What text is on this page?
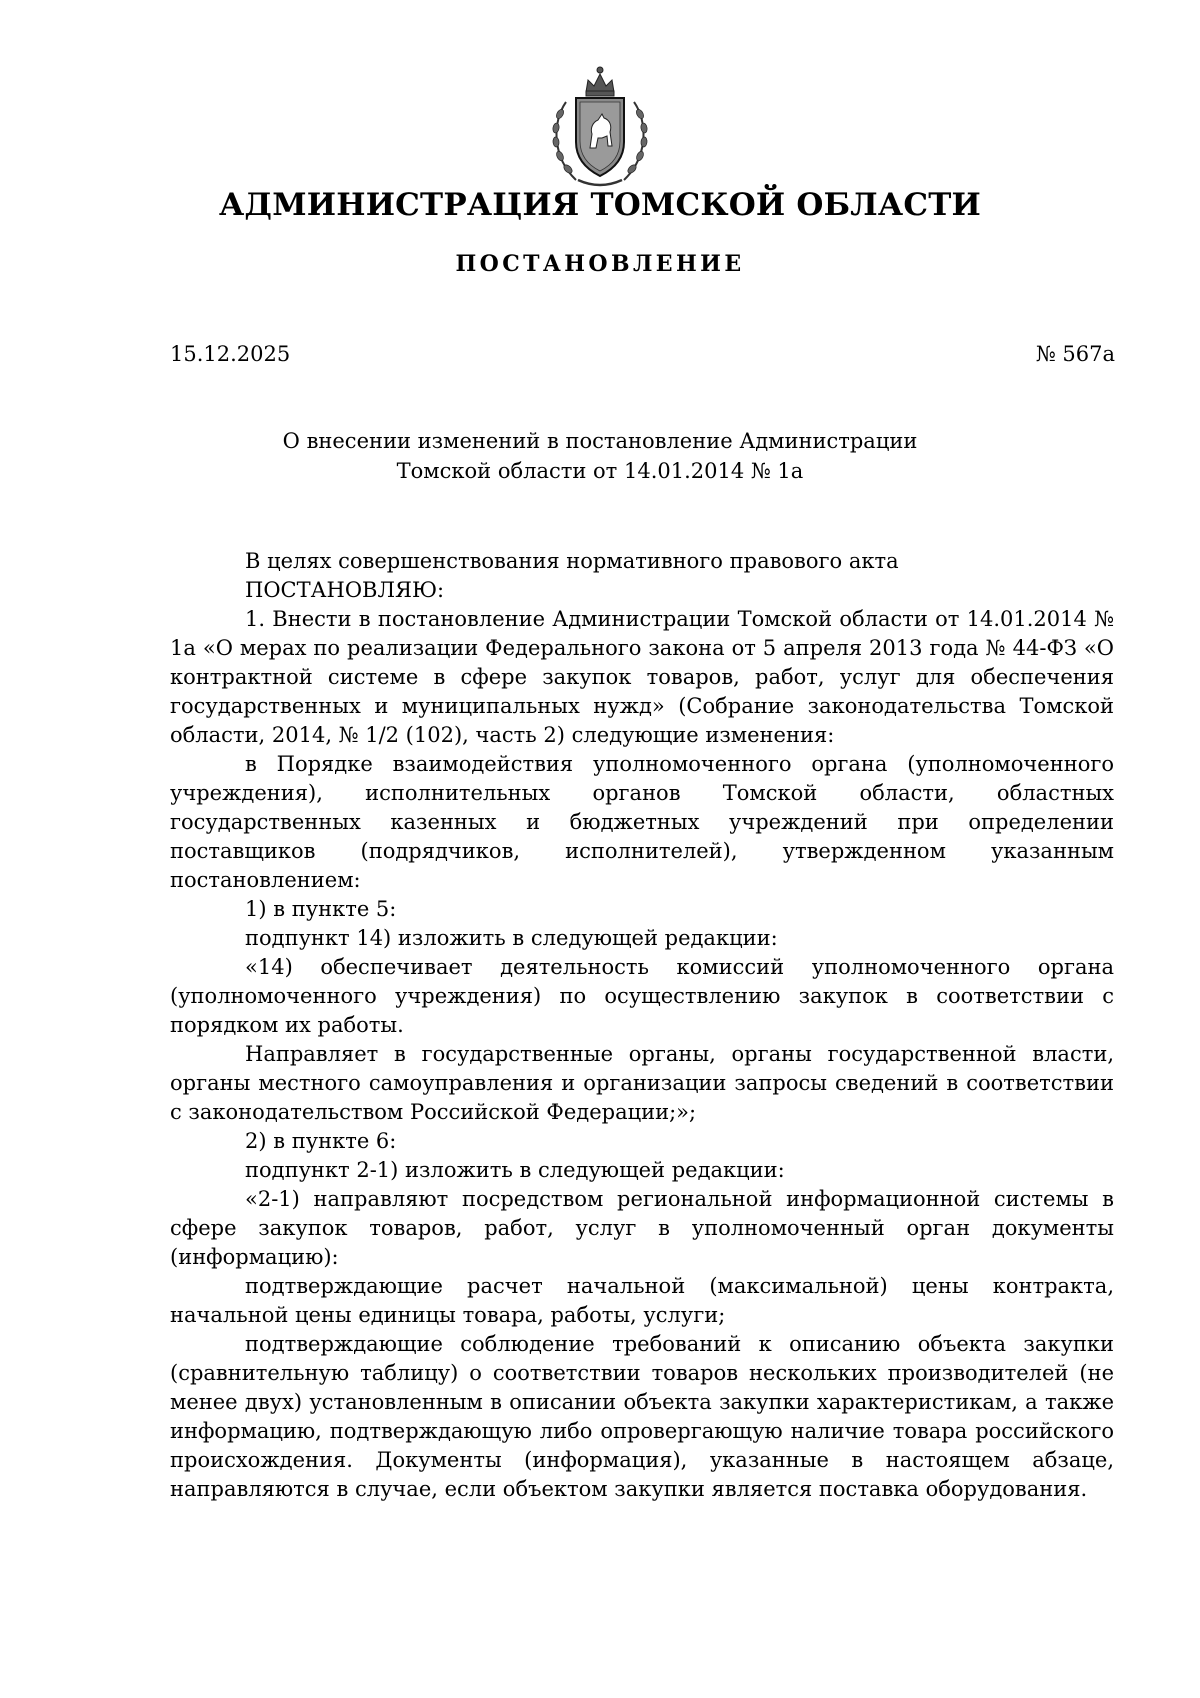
АДМИНИСТРАЦИЯ ТОМСКОЙ ОБЛАСТИ
ПОСТАНОВЛЕНИЕ
15.12.2025	№ 567а
О внесении изменений в постановление Администрации
Томской области от 14.01.2014 № 1а

В целях совершенствования нормативного правового акта

ПОСТАНОВЛЯЮ:

1. Внести в постановление Администрации Томской области от 14.01.2014 № 1а «О мерах по реализации Федерального закона от 5 апреля 2013 года № 44-ФЗ «О контрактной системе в сфере закупок товаров, работ, услуг для обеспечения государственных и муниципальных нужд» (Собрание законодательства Томской области, 2014, № 1/2 (102), часть 2) следующие изменения:

в Порядке взаимодействия уполномоченного органа (уполномоченного учреждения), исполнительных органов Томской области, областных государственных казенных и бюджетных учреждений при определении поставщиков (подрядчиков, исполнителей), утвержденном указанным постановлением:

1) в пункте 5:

подпункт 14) изложить в следующей редакции:

«14) обеспечивает деятельность комиссий уполномоченного органа (уполномоченного учреждения) по осуществлению закупок в соответствии с порядком их работы.

Направляет в государственные органы, органы государственной власти, органы местного самоуправления и организации запросы сведений в соответствии с законодательством Российской Федерации;»;

2) в пункте 6:

подпункт 2-1) изложить в следующей редакции:

«2-1) направляют посредством региональной информационной системы в сфере закупок товаров, работ, услуг в уполномоченный орган документы (информацию):

подтверждающие расчет начальной (максимальной) цены контракта, начальной цены единицы товара, работы, услуги;

подтверждающие соблюдение требований к описанию объекта закупки (сравнительную таблицу) о соответствии товаров нескольких производителей (не менее двух) установленным в описании объекта закупки характеристикам, а также информацию, подтверждающую либо опровергающую наличие товара российского происхождения. Документы (информация), указанные в настоящем абзаце, направляются в случае, если объектом закупки является поставка оборудования.
